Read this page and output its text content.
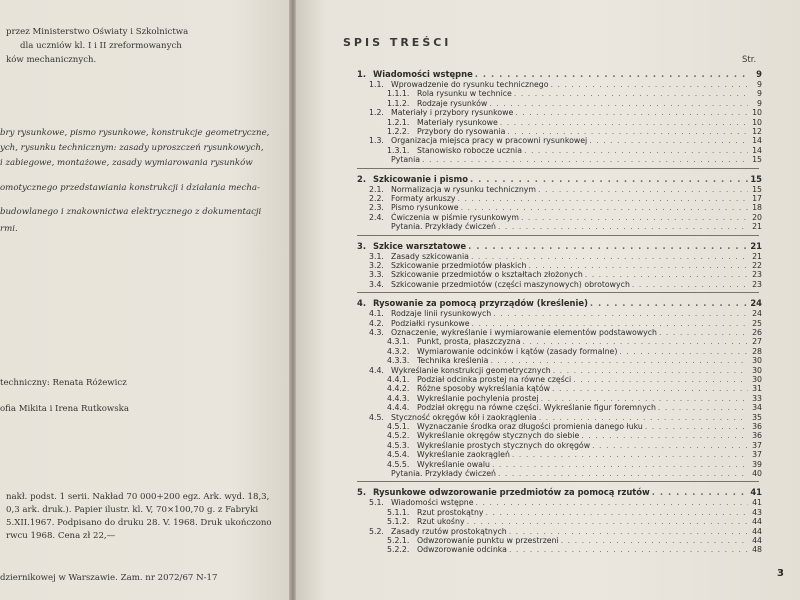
przez Ministerstwo Oświaty i Szkolnictwa
dla uczniów kl. I i II zreformowanych
ków mechanicznych.
bry rysunkowe, pismo rysunkowe, konstrukcje geometryczne,
ych, rysunku technicznym: zasady uproszczeń rysunkowych,
i zabiegowe, montażowe, zasady wymiarowania rysunków
omotycznego przedstawiania konstrukcji i działania mecha-
budowlanego i znakownictwa elektrycznego z dokumentacji
rmi.
techniczny: Renata Różewicz
ofia Mikita i Irena Rutkowska
nakł. podst. 1 serii. Nakład 70 000+200 egz. Ark. wyd. 18,3,
0,3 ark. druk.). Papier ilustr. kl. V, 70×100,70 g. z Fabryki
5.XII.1967. Podpisano do druku 28. V. 1968. Druk ukończono
rwcu 1968. Cena zł 22,—
dziernikowej w Warszawie. Zam. nr 2072/67 N-17
SPIS TREŚCI
Str.
1. Wiadomości wstępne . . .	9
1.1. Wprowadzenie do rysunku technicznego . . .	9
1.1.1. Rola rysunku w technice . . .	9
1.1.2. Rodzaje rysunków . . .	9
1.2. Materiały i przybory rysunkowe . . .	10
1.2.1. Materiały rysunkowe . . .	10
1.2.2. Przybory do rysowania . . .	12
1.3. Organizacja miejsca pracy w pracowni rysunkowej . . .	14
1.3.1. Stanowisko robocze ucznia . . .	14
Pytania . . .	15
2. Szkicowanie i pismo . . .	15
2.1. Normalizacja w rysunku technicznym . . .	15
2.2. Formaty arkuszy . . .	17
2.3. Pismo rysunkowe . . .	18
2.4. Ćwiczenia w piśmie rysunkowym . . .	20
Pytania. Przykłady ćwiczeń . . .	21
3. Szkice warsztatowe . . .	21
3.1. Zasady szkicowania . . .	21
3.2. Szkicowanie przedmiotów płaskich . . .	22
3.3. Szkicowanie przedmiotów o kształtach złożonych . . .	23
3.4. Szkicowanie przedmiotów (części maszynowych) obrotowych . . .	23
4. Rysowanie za pomocą przyrządów (kreślenie) . . .	24
4.1. Rodzaje linii rysunkowych . . .	24
4.2. Podziałki rysunkowe . . .	25
4.3. Oznaczenie, wykreślanie i wymiarowanie elementów podstawowych . . .	26
4.3.1. Punkt, prosta, płaszczyzna . . .	27
4.3.2. Wymiarowanie odcinków i kątów (zasady formalne) . . .	28
4.3.3. Technika kreślenia . . .	30
4.4. Wykreślanie konstrukcji geometrycznych . . .	30
4.4.1. Podział odcinka prostej na równe części . . .	30
4.4.2. Różne sposoby wykreślania kątów . . .	31
4.4.3. Wykreślanie pochylenia prostej . . .	33
4.4.4. Podział okręgu na równe części. Wykreślanie figur foremnych . . .	34
4.5. Styczność okręgów kół i zaokrąglenia . . .	35
4.5.1. Wyznaczanie środka oraz długości promienia danego łuku . . .	36
4.5.2. Wykreślanie okręgów stycznych do siebie . . .	36
4.5.3. Wykreślanie prostych stycznych do okręgów . . .	37
4.5.4. Wykreślanie zaokrągleń . . .	37
4.5.5. Wykreślanie owalu . . .	39
Pytania. Przykłady ćwiczeń . . .	40
5. Rysunkowe odwzorowanie przedmiotów za pomocą rzutów . . .	41
5.1. Wiadomości wstępne . . .	41
5.1.1. Rzut prostokątny . . .	43
5.1.2. Rzut ukośny . . .	44
5.2. Zasady rzutów prostokątnych . . .	44
5.2.1. Odwzorowanie punktu w przestrzeni . . .	44
5.2.2. Odwzorowanie odcinka . . .	48
3
